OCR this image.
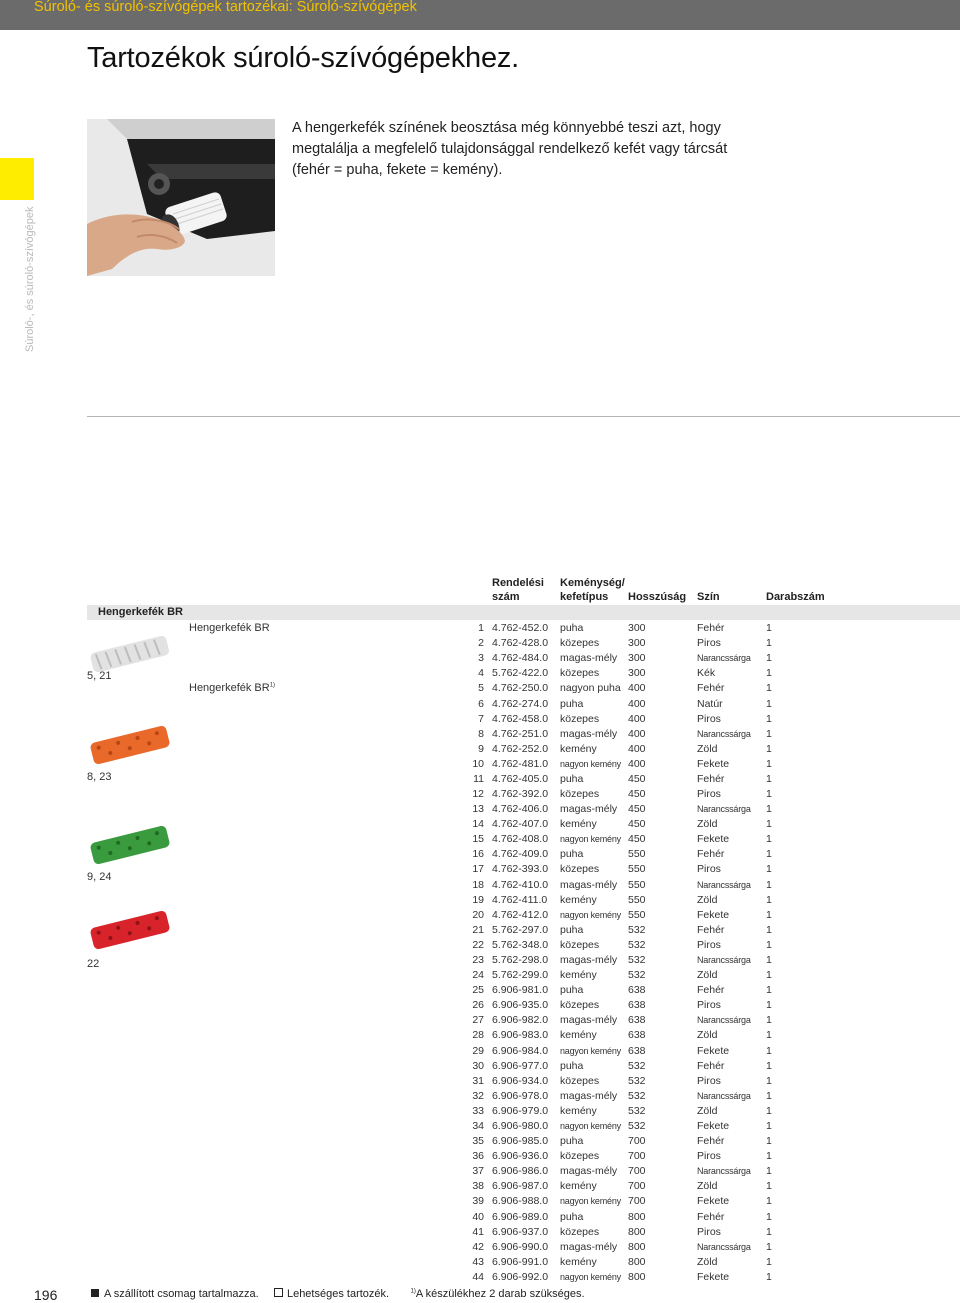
Súroló- és súroló-szívógépek tartozékai: Súroló-szívógépek
Súroló-, és súroló-szívógépek
Tartozékok súroló-szívógépekhez.
A hengerkefék színének beosztása még könnyebbé teszi azt, hogy megtalálja a megfelelő tulajdonsággal rendelkező kefét vagy tárcsát (fehér = puha, fekete = kemény).
Rendelési
szám
Keménység/
kefetípus	Hosszúság Szín	Darabszám
Hengerkefék BR
Hengerkefék BR
Hengerkefék BR$^{1)}$
5, 21
8, 23
9, 24
22
1 4.762-452.0 puha	300	Fehér	1
2 4.762-428.0 közepes	300	Piros	1
3 4.762-484.0 magas-mély 300	Narancssárga 1
4 5.762-422.0 közepes	300	Kék	1
5 4.762-250.0 nagyon puha 400	Fehér	1
6 4.762-274.0 puha	400	Natúr	1
7 4.762-458.0 közepes	400	Piros	1
8 4.762-251.0 magas-mély 400	Narancssárga 1
9 4.762-252.0 kemény	400	Zöld	1
10 4.762-481.0 nagyon kemény 400	Fekete	1
11 4.762-405.0 puha	450	Fehér	1
12 4.762-392.0 közepes	450	Piros	1
13 4.762-406.0 magas-mély 450	Narancssárga 1
14 4.762-407.0 kemény	450	Zöld	1
15 4.762-408.0 nagyon kemény 450	Fekete	1
16 4.762-409.0 puha	550	Fehér	1
17 4.762-393.0 közepes	550	Piros	1
18 4.762-410.0 magas-mély 550	Narancssárga 1
19 4.762-411.0 kemény	550	Zöld	1
20 4.762-412.0 nagyon kemény 550	Fekete	1
21 5.762-297.0 puha	532	Fehér	1
22 5.762-348.0 közepes	532	Piros	1
23 5.762-298.0 magas-mély 532	Narancssárga 1
24 5.762-299.0 kemény	532	Zöld	1
25 6.906-981.0 puha	638	Fehér	1
26 6.906-935.0 közepes	638	Piros	1
27 6.906-982.0 magas-mély 638	Narancssárga 1
28 6.906-983.0 kemény	638	Zöld	1
29 6.906-984.0 nagyon kemény 638	Fekete	1
30 6.906-977.0 puha	532	Fehér	1
31 6.906-934.0 közepes	532	Piros	1
32 6.906-978.0 magas-mély 532	Narancssárga 1
33 6.906-979.0 kemény	532	Zöld	1
34 6.906-980.0 nagyon kemény 532	Fekete	1
35 6.906-985.0 puha	700	Fehér	1
36 6.906-936.0 közepes	700	Piros	1
37 6.906-986.0 magas-mély 700	Narancssárga 1
38 6.906-987.0 kemény	700	Zöld	1
39 6.906-988.0 nagyon kemény 700	Fekete	1
40 6.906-989.0 puha	800	Fehér	1
41 6.906-937.0 közepes	800	Piros	1
42 6.906-990.0 magas-mély 800	Narancssárga 1
43 6.906-991.0 kemény	800	Zöld	1
44 6.906-992.0 nagyon kemény 800	Fekete	1
196	A szállított csomag tartalmazza.	Lehetséges tartozék.	$^{1)}$A készülékhez 2 darab szükséges.
